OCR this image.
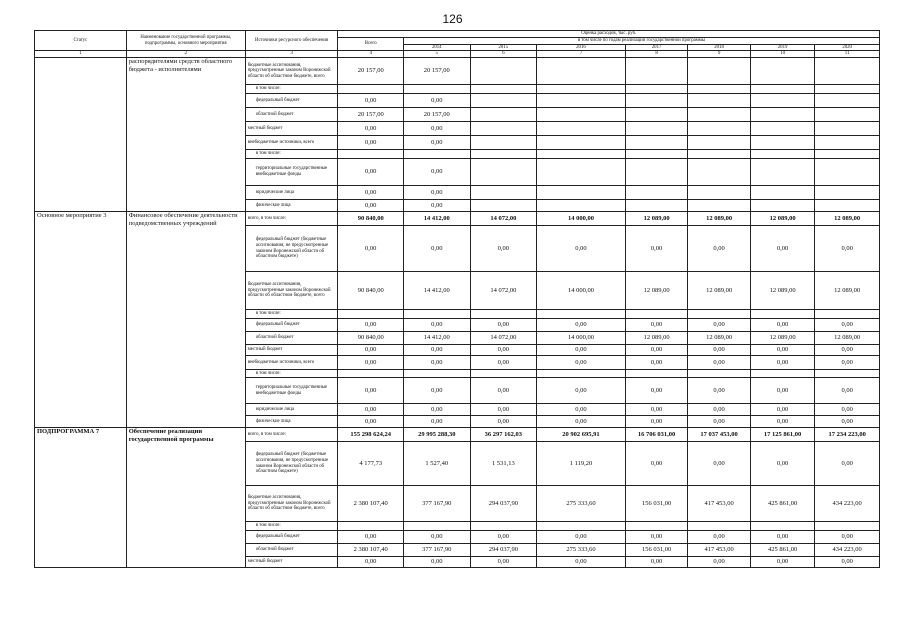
126
Статус	Наименование государственной программы, подпрограммы, основного мероприятия	Источники ресурсного обеспечения	Оценка расходов, тыс. руб.							
			Всего	в том числе по годам реализации государственной программы						
				2014	2015	2016	2017	2018	2019	2020
1	2	3	4	5	6	7	8	9	10	11
	распорядителями средств областного бюджета - исполнителями	бюджетные ассигнования, предусмотренные законом Воронежской области об областном бюджете, всего	20 157,00	20 157,00						
		в том числе:								
		федеральный бюджет	0,00	0,00						
		областной бюджет	20 157,00	20 157,00						
		местный бюджет	0,00	0,00						
		внебюджетные источники, всего	0,00	0,00						
		в том числе:								
		территориальные государственные внебюджетные фонды	0,00	0,00						
		юридические лица	0,00	0,00						
		физические лица	0,00	0,00						
Основное мероприятие 3	Финансовое обеспечение деятельности подведомственных учреждений	всего, в том числе:	90 840,00	14 412,00	14 072,00	14 000,00	12 089,00	12 089,00	12 089,00	12 089,00
		федеральный бюджет (бюджетные ассигнования, не предусмотренные законом Воронежской области об областном бюджете)	0,00	0,00	0,00	0,00	0,00	0,00	0,00	0,00
		бюджетные ассигнования, предусмотренные законом Воронежской области об областном бюджете, всего	90 840,00	14 412,00	14 072,00	14 000,00	12 089,00	12 089,00	12 089,00	12 089,00
		в том числе:								
		федеральный бюджет	0,00	0,00	0,00	0,00	0,00	0,00	0,00	0,00
		областной бюджет	90 840,00	14 412,00	14 072,00	14 000,00	12 089,00	12 089,00	12 089,00	12 089,00
		местный бюджет	0,00	0,00	0,00	0,00	0,00	0,00	0,00	0,00
		внебюджетные источники, всего	0,00	0,00	0,00	0,00	0,00	0,00	0,00	0,00
		в том числе:								
		территориальные государственные внебюджетные фонды	0,00	0,00	0,00	0,00	0,00	0,00	0,00	0,00
		юридические лица	0,00	0,00	0,00	0,00	0,00	0,00	0,00	0,00
		физические лица	0,00	0,00	0,00	0,00	0,00	0,00	0,00	0,00
ПОДПРОГРАММА 7	Обеспечение реализации государственной программы	всего, в том числе:	155 298 624,24	29 995 288,30	36 297 162,03	20 902 695,91	16 706 031,00	17 037 453,00	17 125 861,00	17 234 223,00
		федеральный бюджет (бюджетные ассигнования, не предусмотренные законом Воронежской области об областном бюджете)	4 177,73	1 527,40	1 531,13	1 119,20	0,00	0,00	0,00	0,00
		бюджетные ассигнования, предусмотренные законом Воронежской области об областном бюджете, всего	2 380 107,40	377 167,90	294 037,90	275 333,60	156 031,00	417 453,00	425 861,00	434 223,00
		в том числе:								
		федеральный бюджет	0,00	0,00	0,00	0,00	0,00	0,00	0,00	0,00
		областной бюджет	2 380 107,40	377 167,90	294 037,90	275 333,60	156 031,00	417 453,00	425 861,00	434 223,00
		местный бюджет	0,00	0,00	0,00	0,00	0,00	0,00	0,00	0,00
